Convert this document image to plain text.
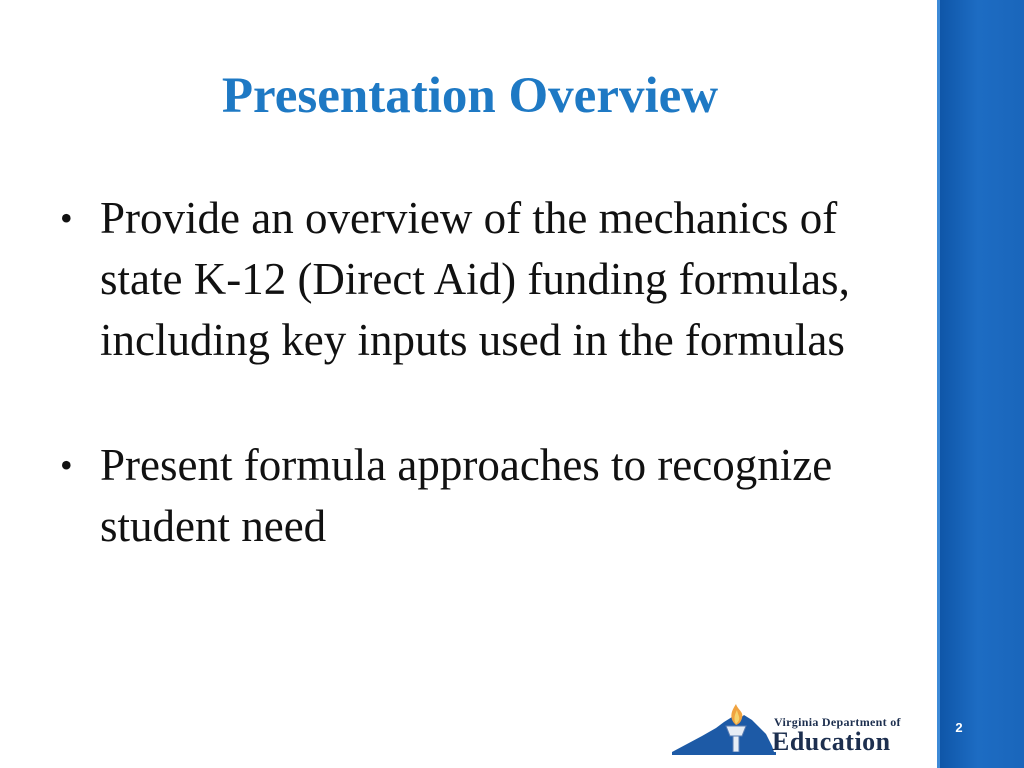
Presentation Overview
• Provide an overview of the mechanics of state K-12 (Direct Aid) funding formulas, including key inputs used in the formulas
• Present formula approaches to recognize student need
2
Virginia Department of
Education
